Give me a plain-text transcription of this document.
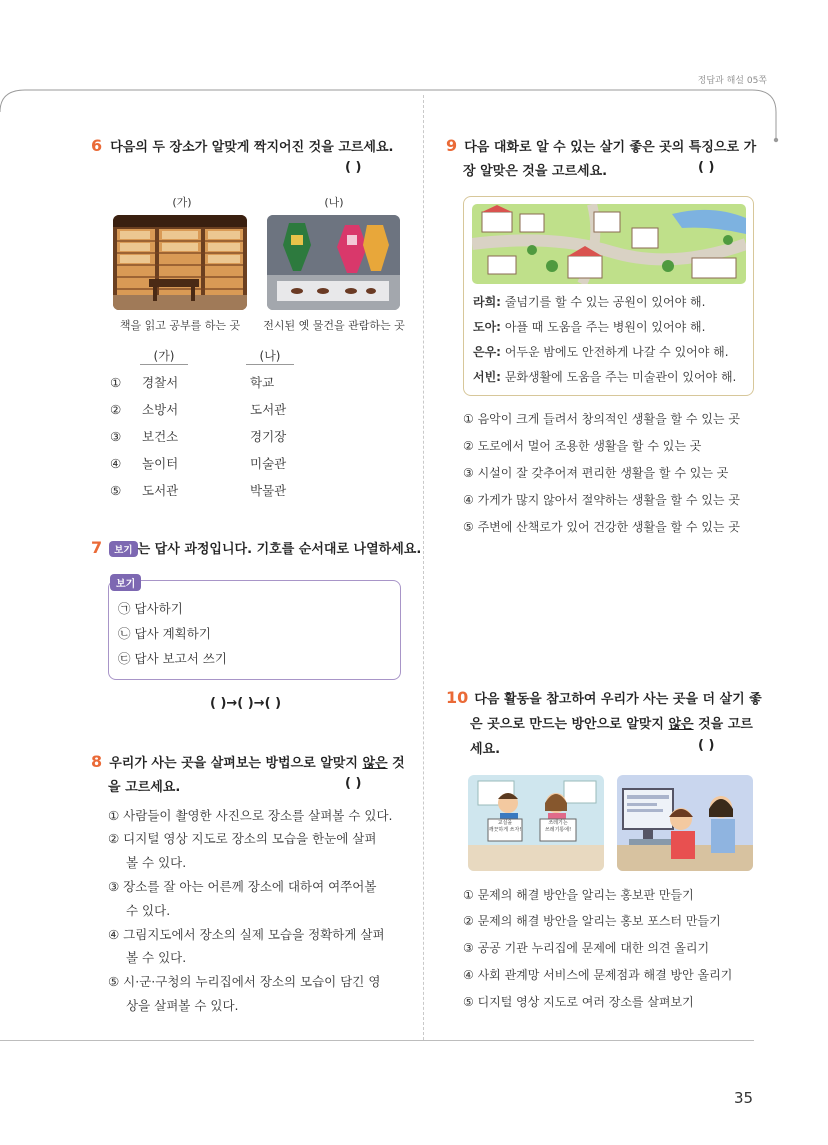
정답과 해설 05쪽
35
6 다음의 두 장소가 알맞게 짝지어진 것을 고르세요.
( )
(가)	(나)
책을 읽고 공부를 하는 곳	전시된 옛 물건을 관람하는 곳
(가)	(나)
① 경찰서	학교
② 소방서	도서관
③ 보건소	경기장
④ 놀이터	미술관
⑤ 도서관	박물관
7 보기 는 답사 과정입니다. 기호를 순서대로 나열하세요.
보기
㉠ 답사하기
㉡ 답사 계획하기
㉢ 답사 보고서 쓰기
( )→( )→( )
8 우리가 사는 곳을 살펴보는 방법으로 알맞지 않은 것
을 고르세요.	( )
① 사람들이 촬영한 사진으로 장소를 살펴볼 수 있다.
② 디지털 영상 지도로 장소의 모습을 한눈에 살펴
볼 수 있다.
③ 장소를 잘 아는 어른께 장소에 대하여 여쭈어볼
수 있다.
④ 그림지도에서 장소의 실제 모습을 정확하게 살펴
볼 수 있다.
⑤ 시·군·구청의 누리집에서 장소의 모습이 담긴 영
상을 살펴볼 수 있다.
9 다음 대화로 알 수 있는 살기 좋은 곳의 특징으로 가
장 알맞은 것을 고르세요.	( )
라희: 줄넘기를 할 수 있는 공원이 있어야 해.
도아: 아플 때 도움을 주는 병원이 있어야 해.
은우: 어두운 밤에도 안전하게 나갈 수 있어야 해.
서빈: 문화생활에 도움을 주는 미술관이 있어야 해.
① 음악이 크게 들려서 창의적인 생활을 할 수 있는 곳
② 도로에서 멀어 조용한 생활을 할 수 있는 곳
③ 시설이 잘 갖추어져 편리한 생활을 할 수 있는 곳
④ 가게가 많지 않아서 절약하는 생활을 할 수 있는 곳
⑤ 주변에 산책로가 있어 건강한 생활을 할 수 있는 곳
10 다음 활동을 참고하여 우리가 사는 곳을 더 살기 좋
은 곳으로 만드는 방안으로 알맞지 않은 것을 고르
세요.	( )
교실을
깨끗하게 쓰자!
쓰레기는
쓰레기통에!
① 문제의 해결 방안을 알리는 홍보판 만들기
② 문제의 해결 방안을 알리는 홍보 포스터 만들기
③ 공공 기관 누리집에 문제에 대한 의견 올리기
④ 사회 관계망 서비스에 문제점과 해결 방안 올리기
⑤ 디지털 영상 지도로 여러 장소를 살펴보기
